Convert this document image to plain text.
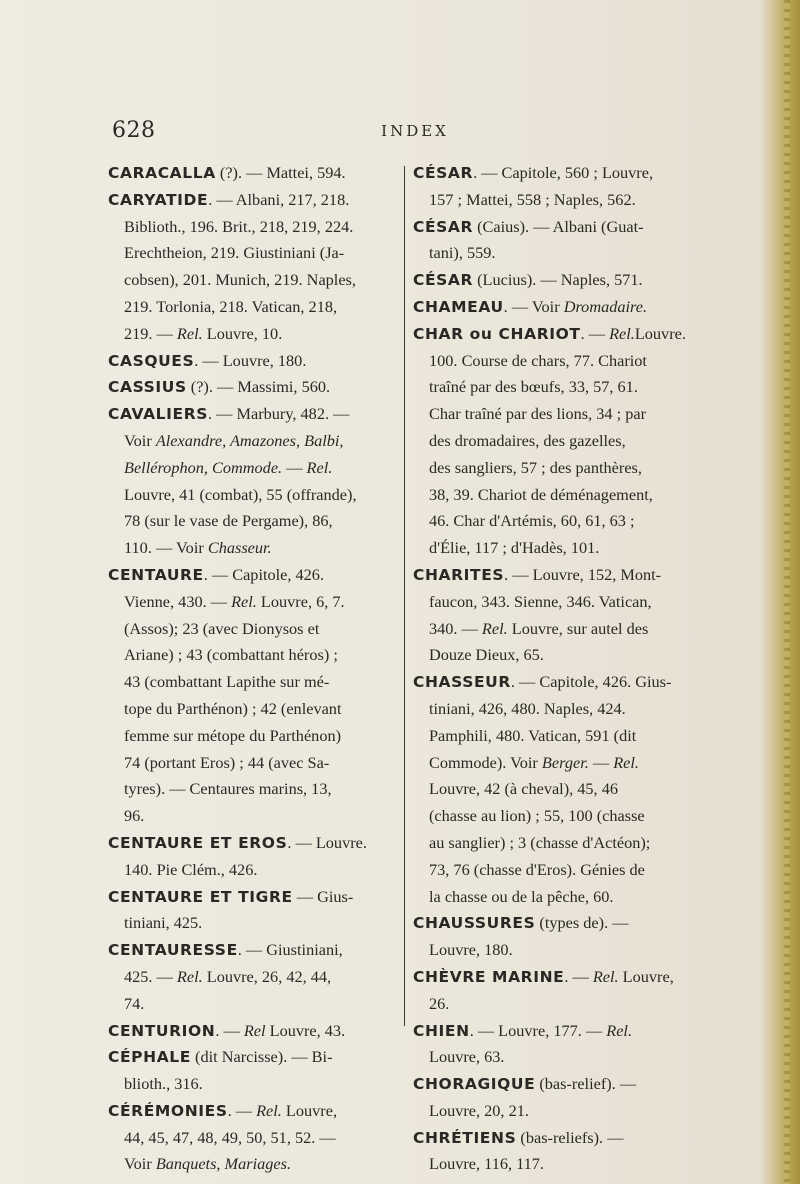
628	INDEX
CARACALLA (?). — Mattei, 594.
CARYATIDE. — Albani, 217, 218.
Biblioth., 196. Brit., 218, 219, 224.
Erechtheion, 219. Giustiniani (Ja-
cobsen), 201. Munich, 219. Naples,
219. Torlonia, 218. Vatican, 218,
219. — Rel. Louvre, 10.
CASQUES. — Louvre, 180.
CASSIUS (?). — Massimi, 560.
CAVALIERS. — Marbury, 482. —
Voir Alexandre, Amazones, Balbi,
Bellérophon, Commode. — Rel.
Louvre, 41 (combat), 55 (offrande),
78 (sur le vase de Pergame), 86,
110. — Voir Chasseur.
CENTAURE. — Capitole, 426.
Vienne, 430. — Rel. Louvre, 6, 7.
(Assos); 23 (avec Dionysos et
Ariane) ; 43 (combattant héros) ;
43 (combattant Lapithe sur mé-
tope du Parthénon) ; 42 (enlevant
femme sur métope du Parthénon)
74 (portant Eros) ; 44 (avec Sa-
tyres). — Centaures marins, 13,
96.
CENTAURE ET EROS. — Louvre.
140. Pie Clém., 426.
CENTAURE ET TIGRE — Gius-
tiniani, 425.
CENTAURESSE. — Giustiniani,
425. — Rel. Louvre, 26, 42, 44,
74.
CENTURION. — Rel Louvre, 43.
CÉPHALE (dit Narcisse). — Bi-
blioth., 316.
CÉRÉMONIES. — Rel. Louvre,
44, 45, 47, 48, 49, 50, 51, 52. —
Voir Banquets, Mariages.
CÉSAR. — Capitole, 560 ; Louvre,
157 ; Mattei, 558 ; Naples, 562.
CÉSAR (Caius). — Albani (Guat-
tani), 559.
CÉSAR (Lucius). — Naples, 571.
CHAMEAU. — Voir Dromadaire.
CHAR ou CHARIOT. — Rel.Louvre.
100. Course de chars, 77. Chariot
traîné par des bœufs, 33, 57, 61.
Char traîné par des lions, 34 ; par
des dromadaires, des gazelles,
des sangliers, 57 ; des panthères,
38, 39. Chariot de déménagement,
46. Char d'Artémis, 60, 61, 63 ;
d'Élie, 117 ; d'Hadès, 101.
CHARITES. — Louvre, 152, Mont-
faucon, 343. Sienne, 346. Vatican,
340. — Rel. Louvre, sur autel des
Douze Dieux, 65.
CHASSEUR. — Capitole, 426. Gius-
tiniani, 426, 480. Naples, 424.
Pamphili, 480. Vatican, 591 (dit
Commode). Voir Berger. — Rel.
Louvre, 42 (à cheval), 45, 46
(chasse au lion) ; 55, 100 (chasse
au sanglier) ; 3 (chasse d'Actéon);
73, 76 (chasse d'Eros). Génies de
la chasse ou de la pêche, 60.
CHAUSSURES (types de). —
Louvre, 180.
CHÈVRE MARINE. — Rel. Louvre,
26.
CHIEN. — Louvre, 177. — Rel.
Louvre, 63.
CHORAGIQUE (bas-relief). —
Louvre, 20, 21.
CHRÉTIENS (bas-reliefs). —
Louvre, 116, 117.
